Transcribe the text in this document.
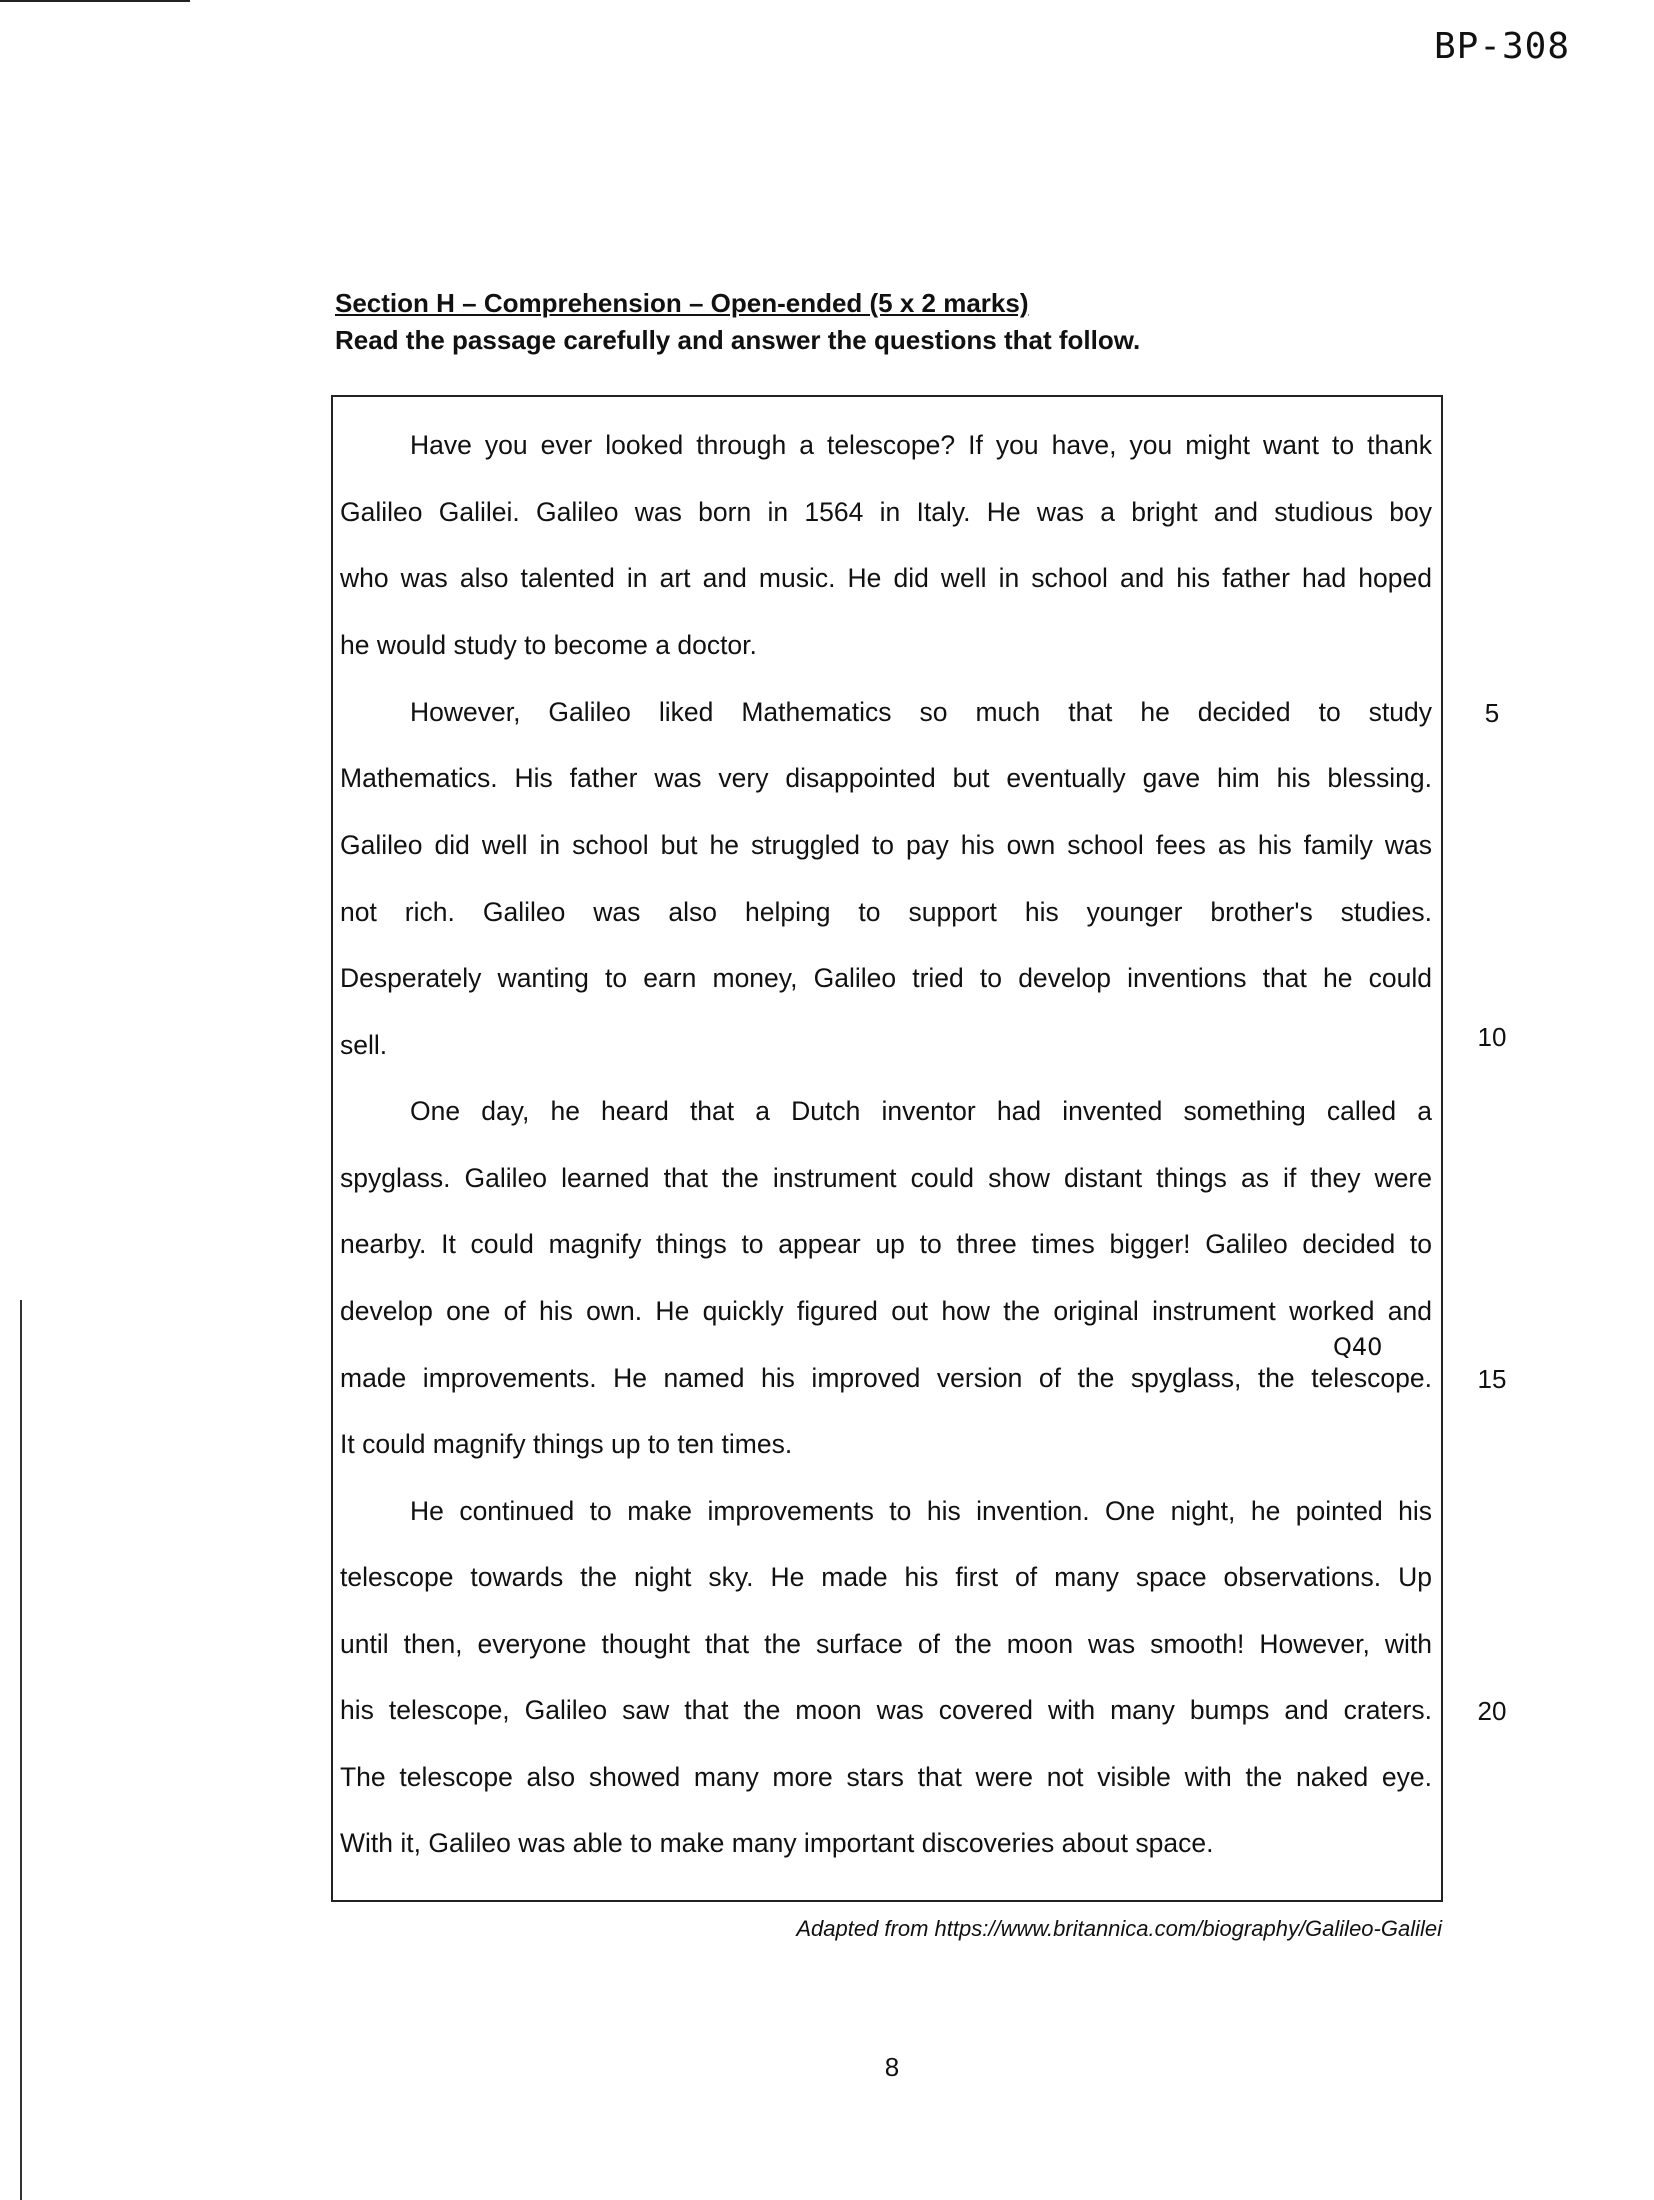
BP-308
Section H – Comprehension – Open-ended (5 x 2 marks)
Read the passage carefully and answer the questions that follow.

Have you ever looked through a telescope? If you have, you might want to thank

Galileo Galilei. Galileo was born in 1564 in Italy. He was a bright and studious boy

who was also talented in art and music. He did well in school and his father had hoped

he would study to become a doctor.

However, Galileo liked Mathematics so much that he decided to study

Mathematics. His father was very disappointed but eventually gave him his blessing.

Galileo did well in school but he struggled to pay his own school fees as his family was

not rich. Galileo was also helping to support his younger brother's studies.

Desperately wanting to earn money, Galileo tried to develop inventions that he could

sell.

One day, he heard that a Dutch inventor had invented something called a

spyglass. Galileo learned that the instrument could show distant things as if they were

nearby. It could magnify things to appear up to three times bigger! Galileo decided to

develop one of his own. He quickly figured out how the original instrument worked and

made improvements. He named his improved version of the spyglass, the telescope.

It could magnify things up to ten times.

He continued to make improvements to his invention. One night, he pointed his

telescope towards the night sky. He made his first of many space observations. Up

until then, everyone thought that the surface of the moon was smooth! However, with

his telescope, Galileo saw that the moon was covered with many bumps and craters.

The telescope also showed many more stars that were not visible with the naked eye.

With it, Galileo was able to make many important discoveries about space.

5
10
15
20
Q40
Adapted from https://www.britannica.com/biography/Galileo-Galilei
8
